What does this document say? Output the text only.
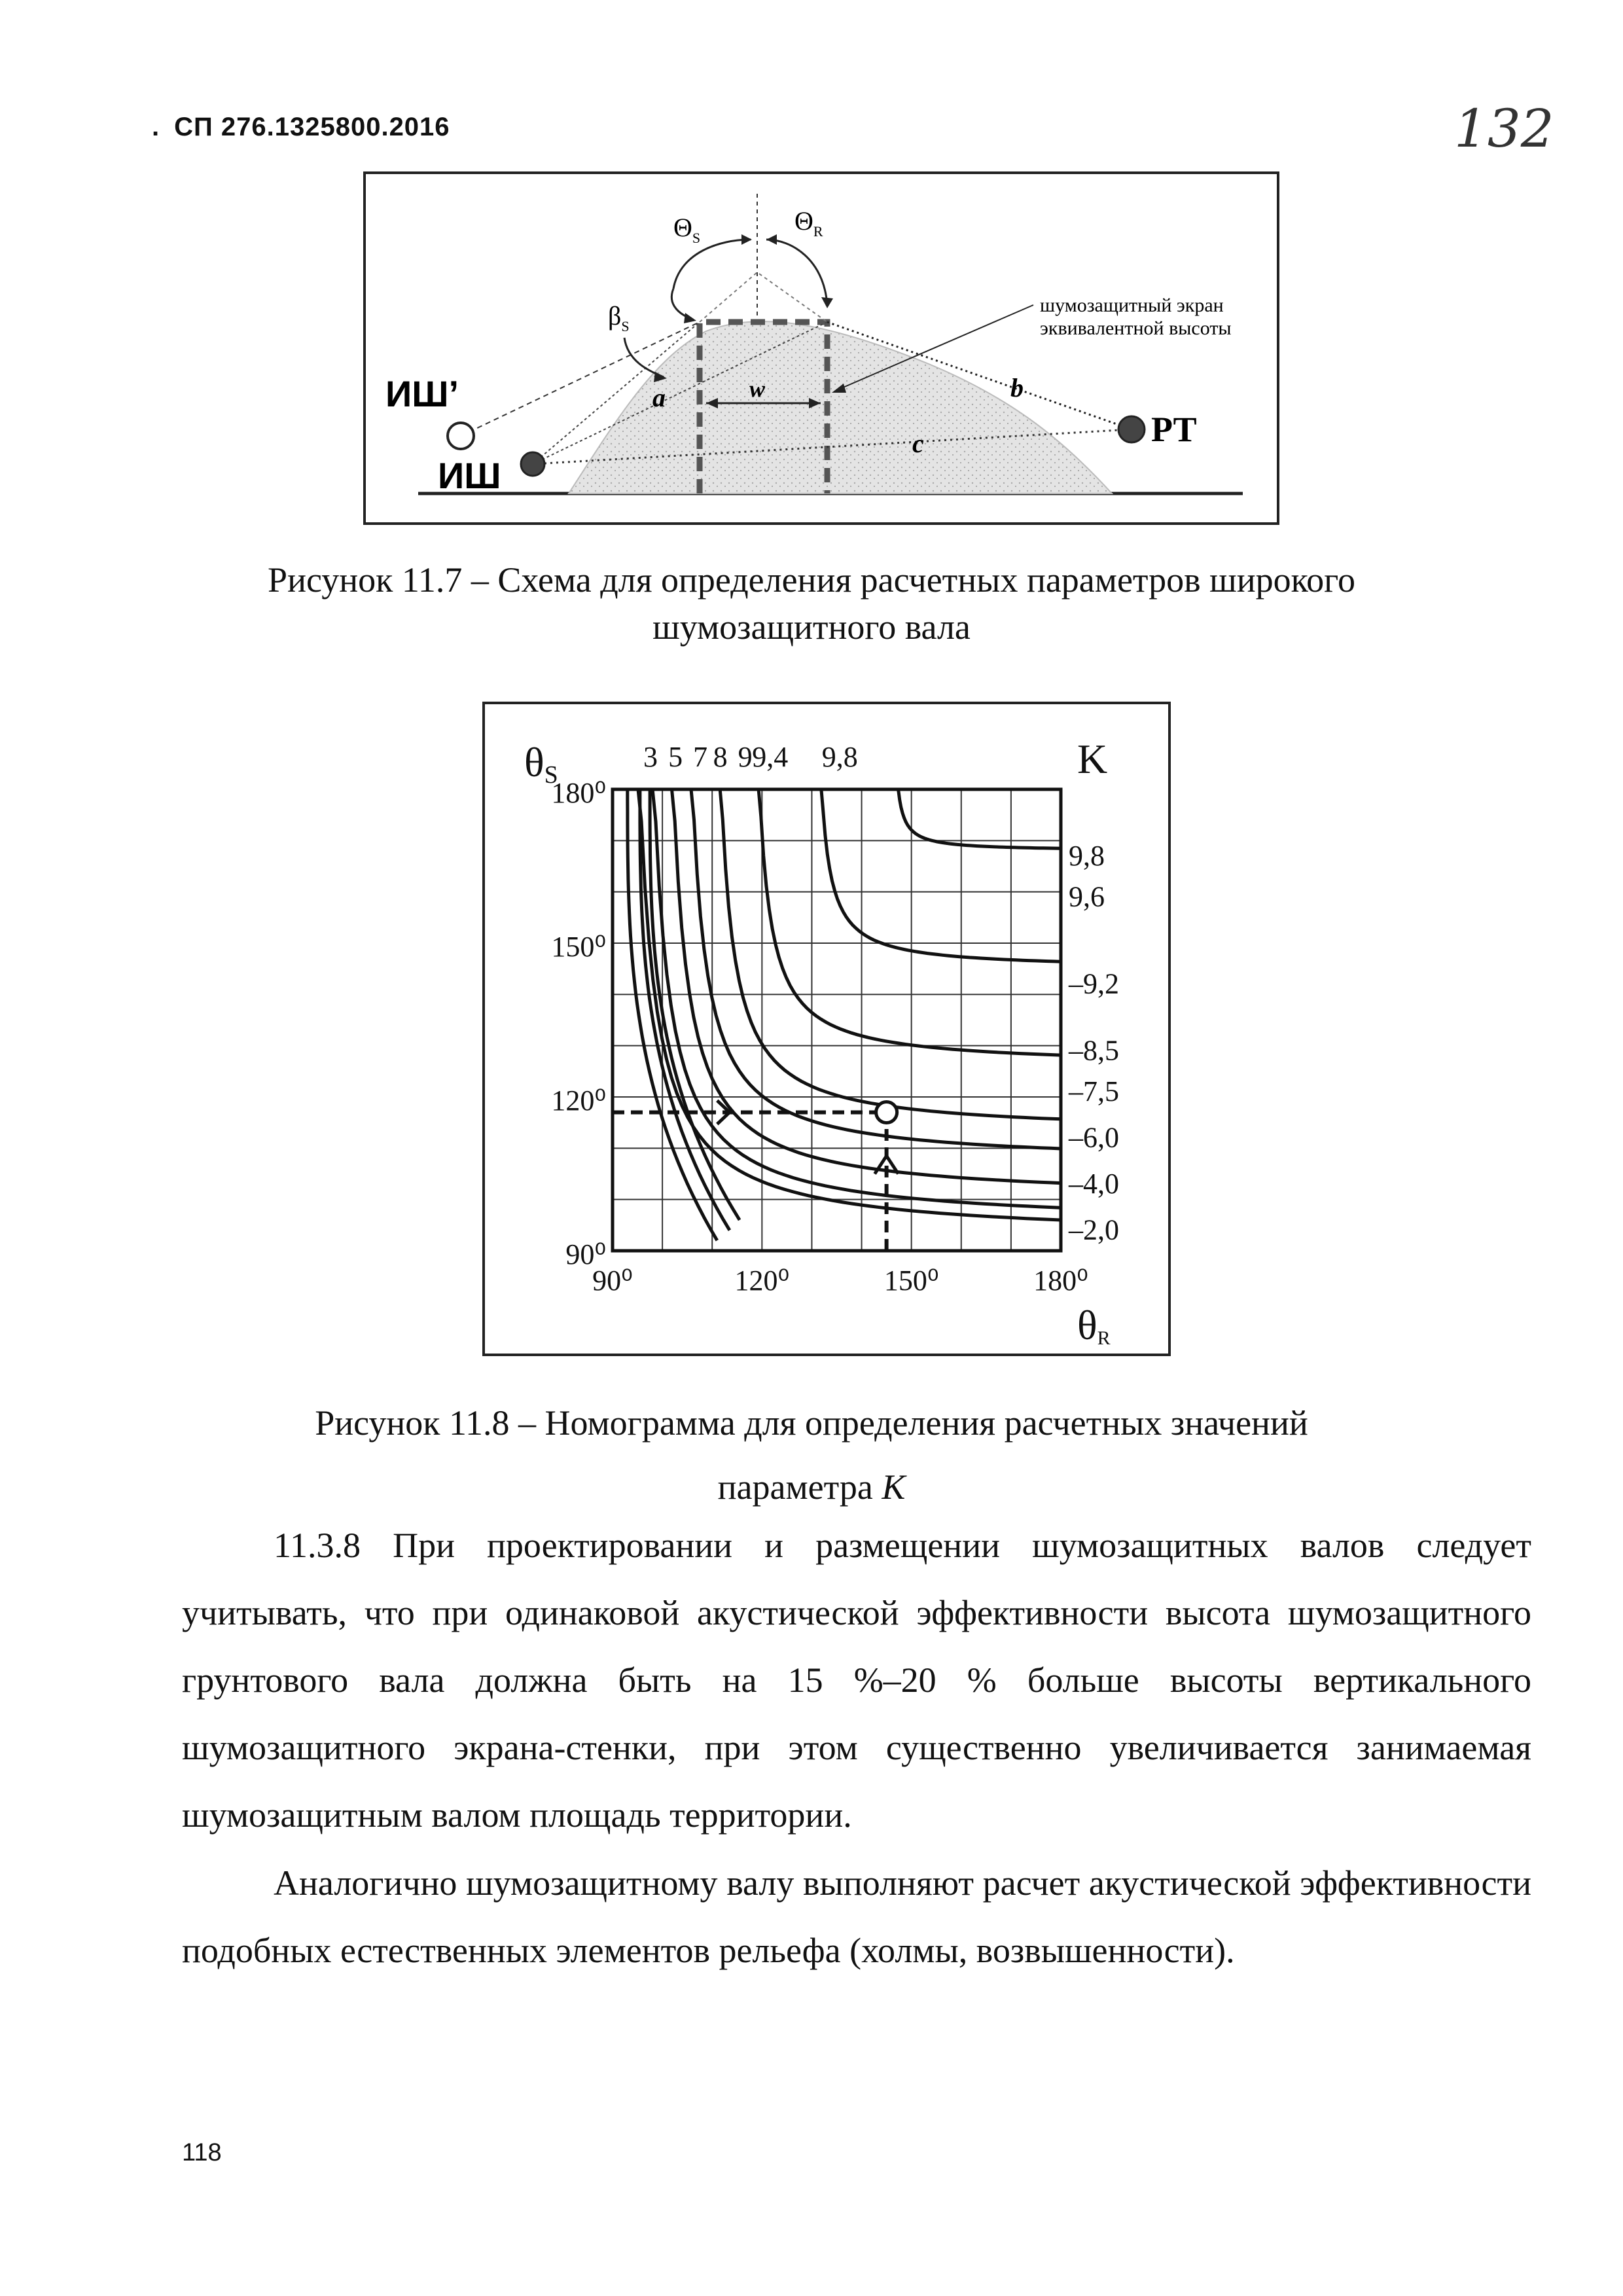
. СП 276.1325800.2016	132
$\Theta_S$
$\Theta_R$
$\beta_S$
шумозащитный экран
эквивалентной высоты
ИШ’
ИШ
РТ
a	w	b
c
Рисунок 11.7 – Схема для определения расчетных параметров широкого
шумозащитного вала
180⁰
150⁰
120⁰
90⁰
90⁰	120⁰	150⁰	180⁰
3 5 7 8 9 9,4 9,8
9,8
9,6
–9,2
–8,5
–7,5
–6,0
–4,0
–2,0
θS	K
θR
Рисунок 11.8 – Номограмма для определения расчетных значений
параметра K
11.3.8 При проектировании и размещении шумозащитных валов следует учитывать, что при одинаковой акустической эффективности высота шумозащитного грунтового вала должна быть на 15 %–20 % больше высоты вертикального шумозащитного экрана-стенки, при этом существенно увеличивается занимаемая шумозащитным валом площадь территории.
Аналогично шумозащитному валу выполняют расчет акустической эффективности подобных естественных элементов рельефа (холмы, возвышенности).
118
